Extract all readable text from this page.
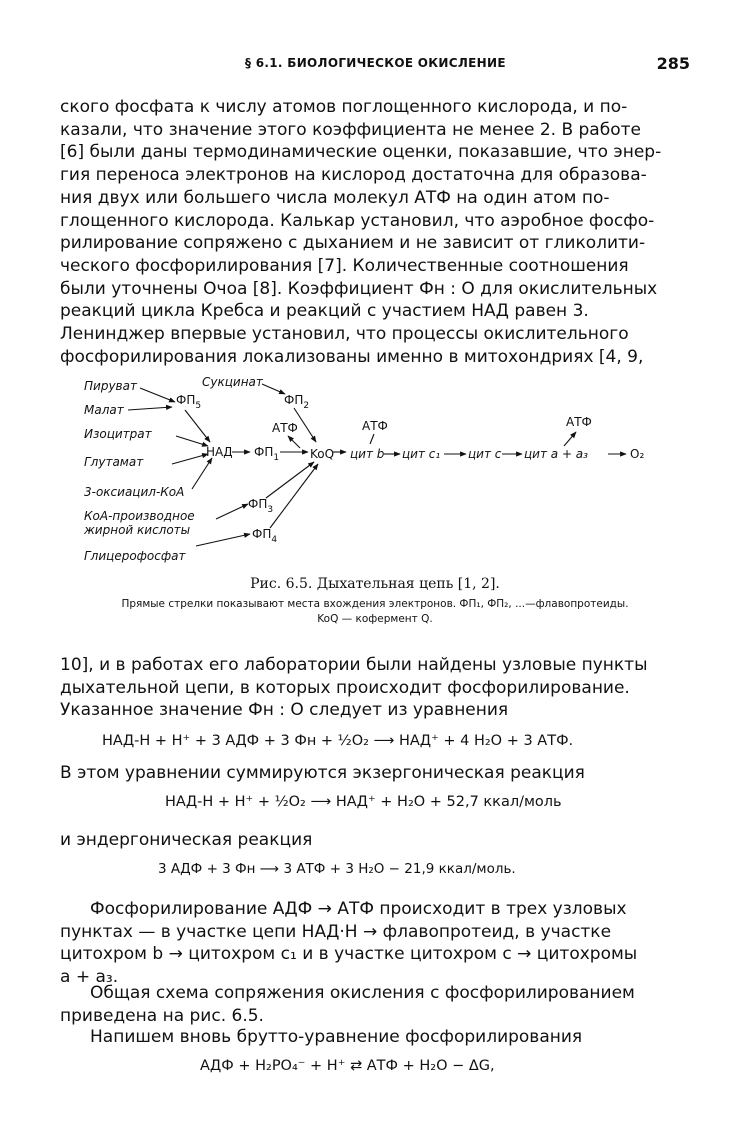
§ 6.1. БИОЛОГИЧЕСКОЕ ОКИСЛЕНИЕ	285

ского фосфата к числу атомов поглощенного кислорода, и по-
казали, что значение этого коэффициента не менее 2. В работе
[6] были даны термодинамические оценки, показавшие, что энер-
гия переноса электронов на кислород достаточна для образова-
ния двух или большего числа молекул АТФ на один атом по-
глощенного кислорода. Калькар установил, что аэробное фосфо-
рилирование сопряжено с дыханием и не зависит от гликолити-
ческого фосфорилирования [7]. Количественные соотношения
были уточнены Очоа [8]. Коэффициент Фн : О для окислительных
реакций цикла Кребса и реакций с участием НАД равен 3.
Ленинджер впервые установил, что процессы окислительного
фосфорилирования локализованы именно в митохондриях [4, 9,

Пируват
Малат
Изоцитрат
Глутамат
3-оксиацил-КоА
КоА-производное
жирной кислоты
Глицерофосфат
Сукцинат
$ФП_5$	$ФП_2$
НАД $ФП_1$	KoQ
$ФП_3$
$ФП_4$
АТФ	АТФ	АТФ
цит b цит c₁ цит c цит a + a₃	O₂
Рис. 6.5. Дыхательная цепь [1, 2].
Прямые стрелки показывают места вхождения электронов. ФП₁, ФП₂, ...—флавопротеиды.
KoQ — кофермент Q.

10], и в работах его лаборатории были найдены узловые пункты
дыхательной цепи, в которых происходит фосфорилирование.
Указанное значение Фн : О следует из уравнения

НАД-Н + H⁺ + 3 АДФ + 3 Фн + ½O₂ ⟶ НАД⁺ + 4 H₂O + 3 АТФ.
В этом уравнении суммируются экзергоническая реакция
НАД-Н + H⁺ + ½O₂ ⟶ НАД⁺ + H₂O + 52,7 ккал/моль
и эндергоническая реакция
3 АДФ + 3 Фн ⟶ 3 АТФ + 3 H₂O − 21,9 ккал/моль.

Фосфорилирование АДФ → АТФ происходит в трех узловых
пунктах — в участке цепи НАД·Н → флавопротеид, в участке
цитохром b → цитохром c₁ и в участке цитохром c → цитохромы
a + a₃.

Общая схема сопряжения окисления с фосфорилированием
приведена на рис. 6.5.

Напишем вновь брутто-уравнение фосфорилирования

АДФ + H₂PO₄⁻ + H⁺ ⇄ АТФ + H₂O − ΔG,
